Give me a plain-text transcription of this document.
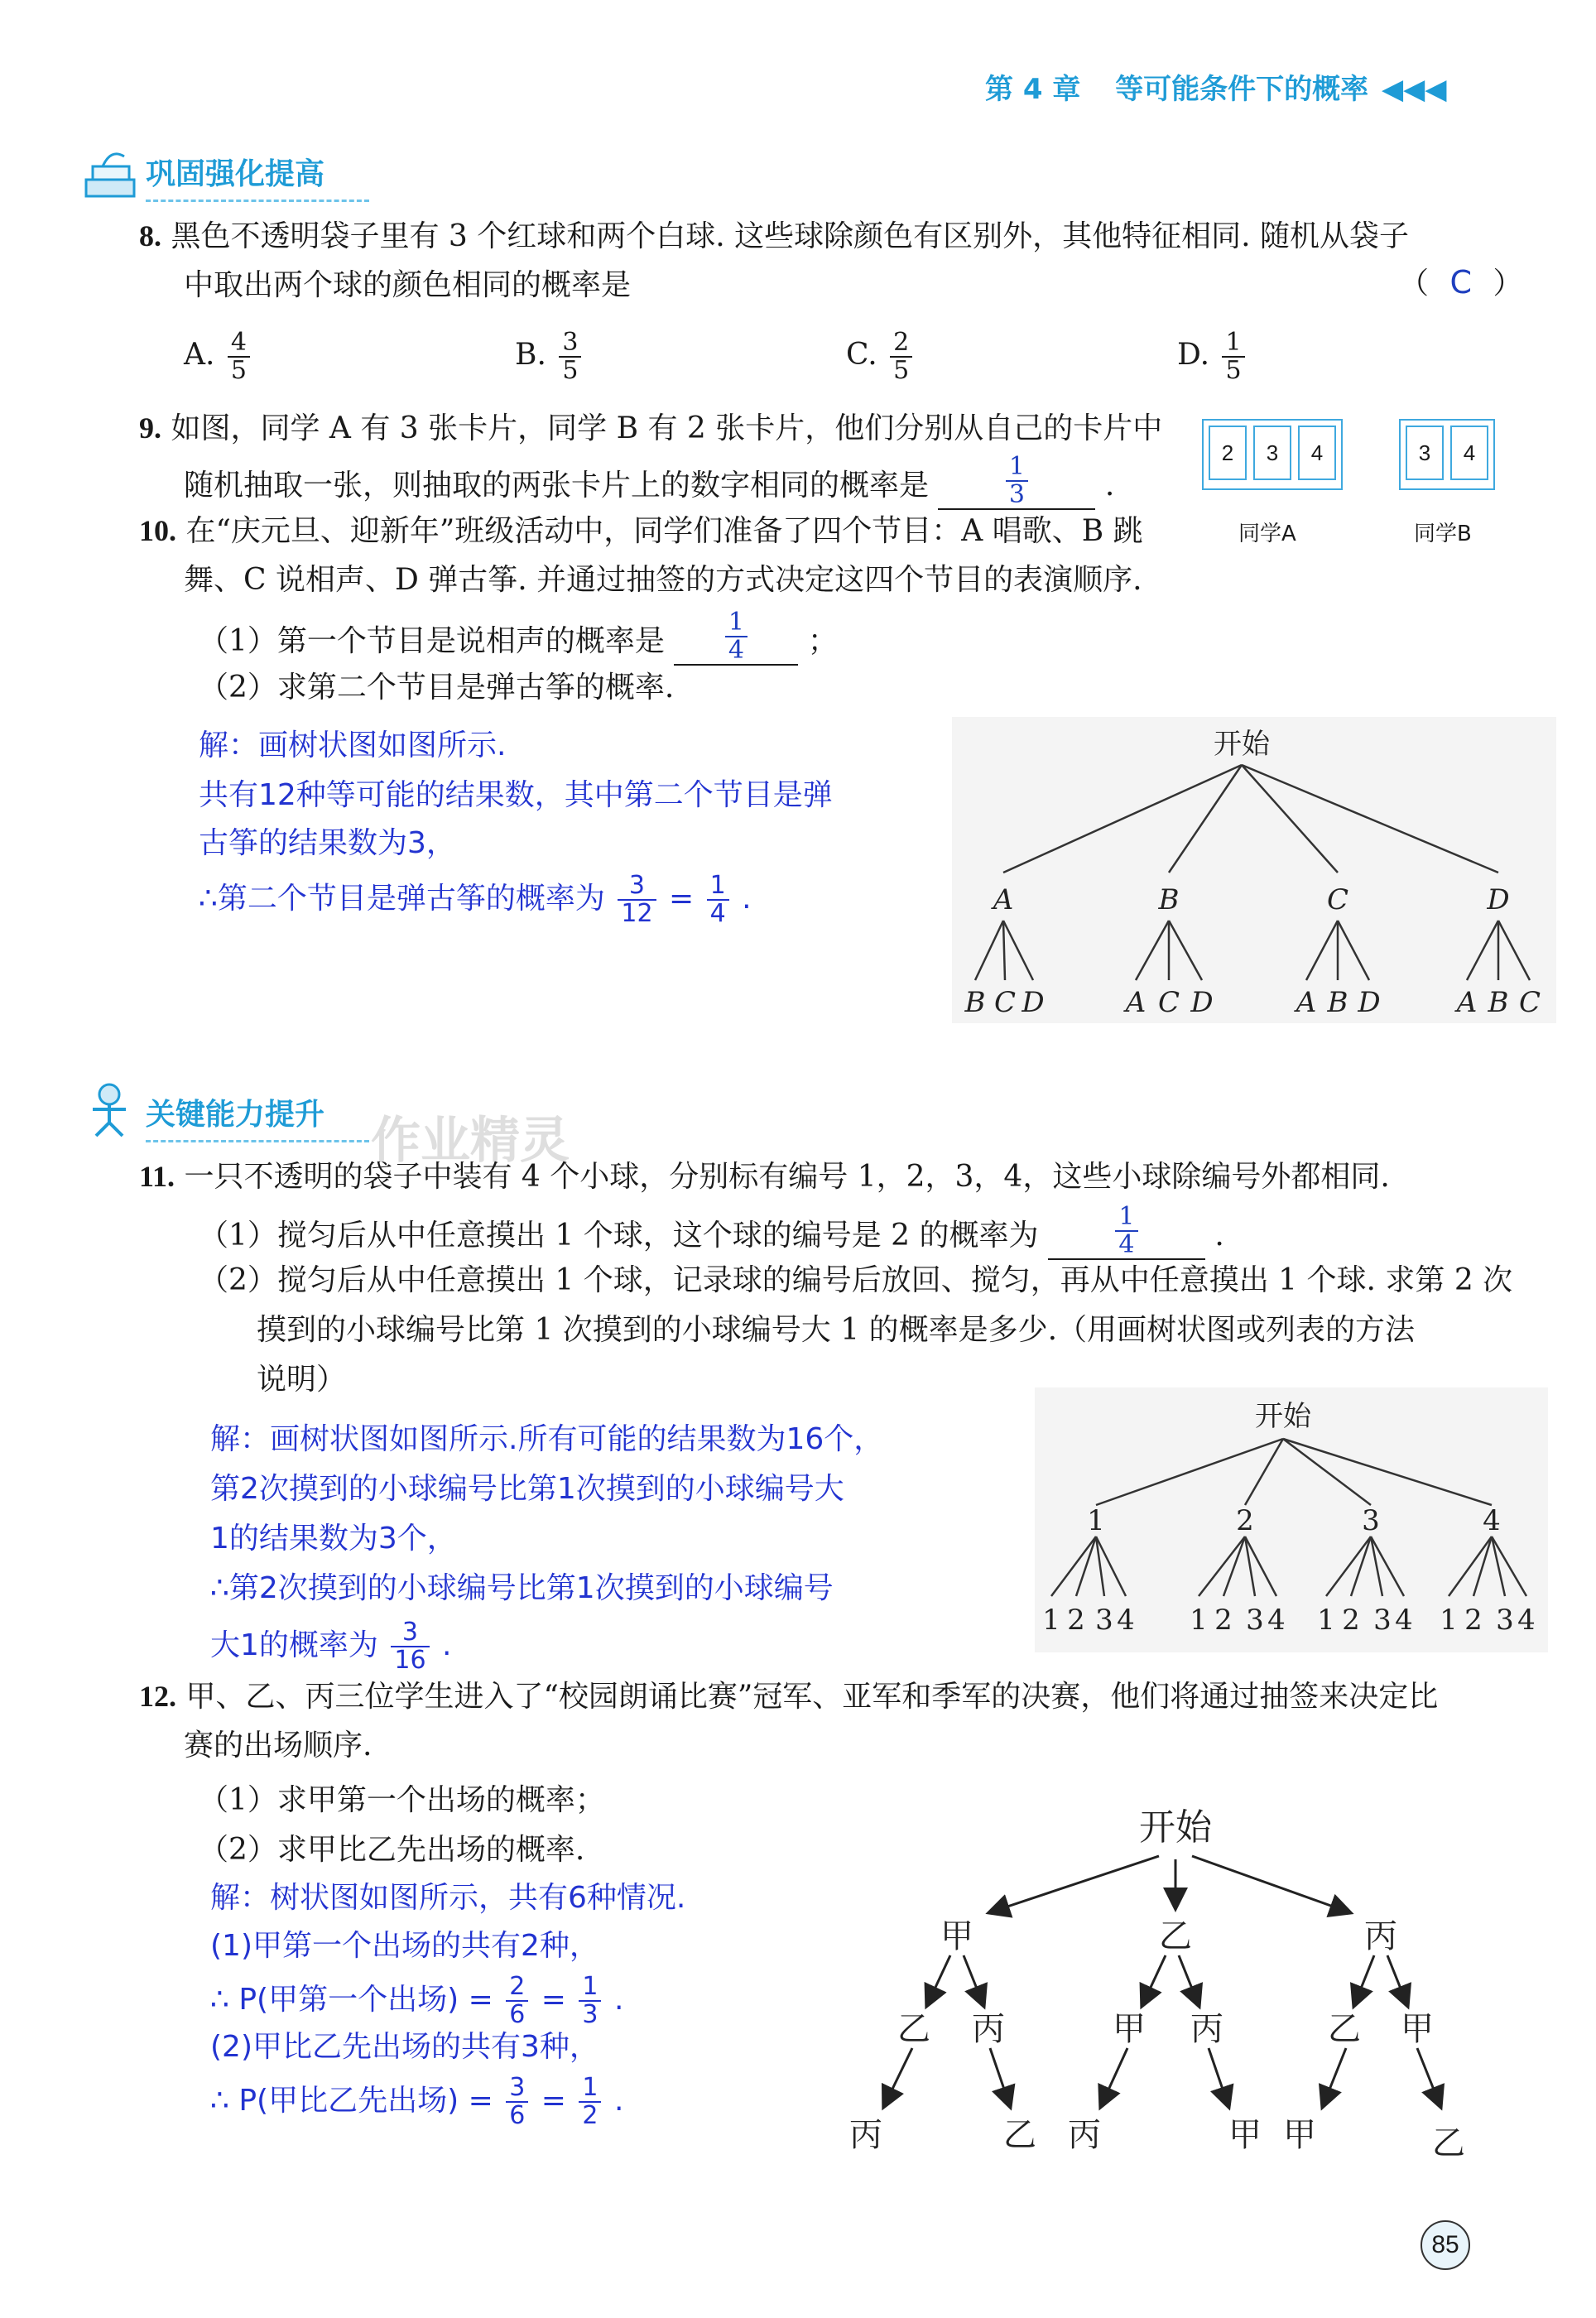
第 4 章 等可能条件下的概率 ◀◀◀
巩固强化提高
8. 黑色不透明袋子里有 3 个红球和两个白球. 这些球除颜色有区别外，其他特征相同. 随机从袋子
中取出两个球的颜色相同的概率是	（ C ）
A. $\frac{4}{5}$	B. $\frac{3}{5}$	C. $\frac{2}{5}$	D. $\frac{1}{5}$
9. 如图，同学 A 有 3 张卡片，同学 B 有 2 张卡片，他们分别从自己的卡片中
随机抽取一张，则抽取的两张卡片上的数字相同的概率是	$\frac{1}{3}$	.
2	3	4	3	4
同学A	同学B
10. 在“庆元旦、迎新年”班级活动中，同学们准备了四个节目：A 唱歌、B 跳
舞、C 说相声、D 弹古筝. 并通过抽签的方式决定这四个节目的表演顺序.
（1）第一个节目是说相声的概率是 $\frac{1}{4}$ ；
（2）求第二个节目是弹古筝的概率.
解：画树状图如图所示.
共有12种等可能的结果数，其中第二个节目是弹
古筝的结果数为3，
∴第二个节目是弹古筝的概率为 $\frac{3}{12} = \frac{1}{4}$ .
开始
A	B	C	D
B C D	A C D	A B D	A B C
关键能力提升 作业精灵
11. 一只不透明的袋子中装有 4 个小球，分别标有编号 1，2，3，4，这些小球除编号外都相同.
（1）搅匀后从中任意摸出 1 个球，这个球的编号是 2 的概率为	$\frac{1}{4}$	.
（2）搅匀后从中任意摸出 1 个球，记录球的编号后放回、搅匀，再从中任意摸出 1 个球. 求第 2 次
摸到的小球编号比第 1 次摸到的小球编号大 1 的概率是多少.（用画树状图或列表的方法
说明）
解：画树状图如图所示.所有可能的结果数为16个，
第2次摸到的小球编号比第1次摸到的小球编号大
1的结果数为3个，
∴第2次摸到的小球编号比第1次摸到的小球编号
大1的概率为 $\frac{3}{16}$ .
开始
1	2	3	4
1 2 3 4 1 2 3 4 1 2 3 4 1 2 3 4
12. 甲、乙、丙三位学生进入了“校园朗诵比赛”冠军、亚军和季军的决赛，他们将通过抽签来决定比
赛的出场顺序.
（1）求甲第一个出场的概率；
（2）求甲比乙先出场的概率.
解：树状图如图所示，共有6种情况.
(1)甲第一个出场的共有2种，
∴ P(甲第一个出场) = $\frac{2}{6} = \frac{1}{3}$ .
(2)甲比乙先出场的共有3种，
∴ P(甲比乙先出场) = $\frac{3}{6} = \frac{1}{2}$ .
开始
甲	乙	丙
乙 丙	甲 丙	乙 甲
丙	乙 丙	甲 甲	乙
85
